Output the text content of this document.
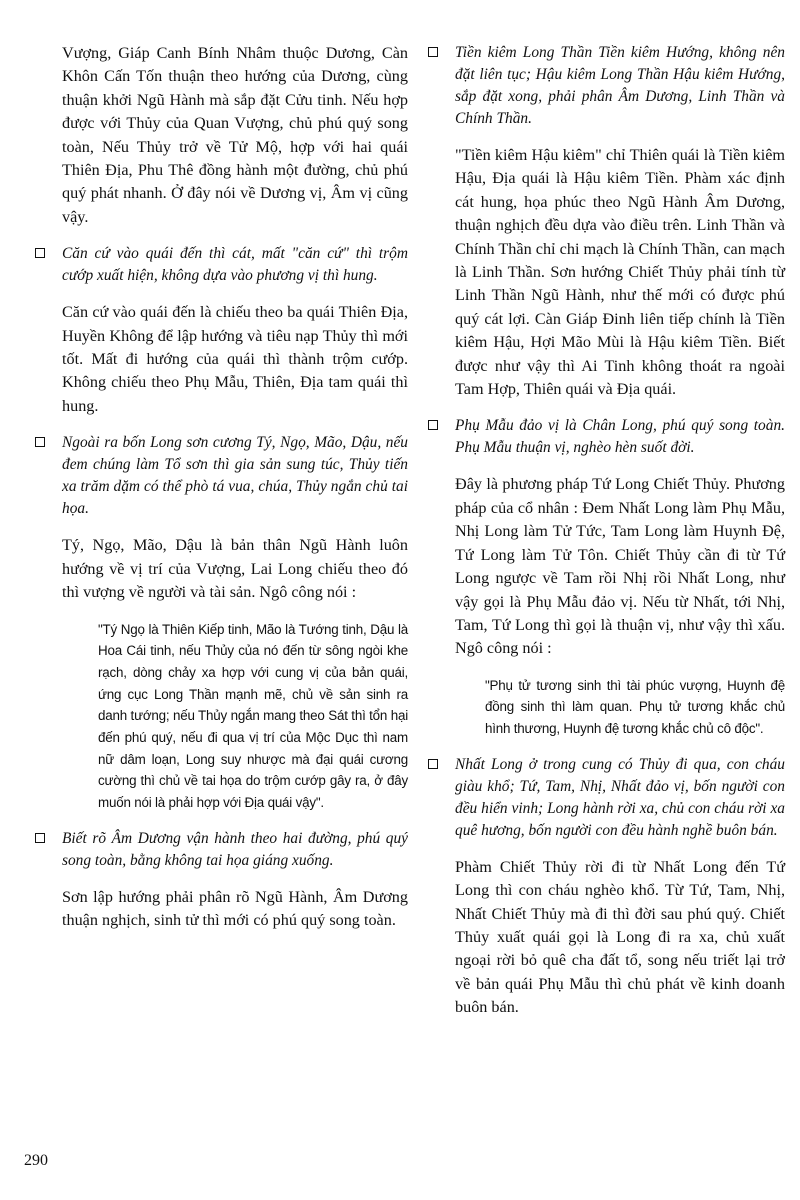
Vượng, Giáp Canh Bính Nhâm thuộc Dương, Càn Khôn Cấn Tốn thuận theo hướng của Dương, cùng thuận khởi Ngũ Hành mà sắp đặt Cửu tinh. Nếu hợp được với Thủy của Quan Vượng, chủ phú quý song toàn, Nếu Thủy trở về Tử Mộ, hợp với hai quái Thiên Địa, Phu Thê đồng hành một đường, chủ phú quý phát nhanh. Ở đây nói về Dương vị, Âm vị cũng vậy.

Căn cứ vào quái đến thì cát, mất "căn cứ" thì trộm cướp xuất hiện, không dựa vào phương vị thì hung.

Căn cứ vào quái đến là chiếu theo ba quái Thiên Địa, Huyền Không để lập hướng và tiêu nạp Thủy thì mới tốt. Mất đi hướng của quái thì thành trộm cướp. Không chiếu theo Phụ Mẫu, Thiên, Địa tam quái thì hung.

Ngoài ra bốn Long sơn cương Tý, Ngọ, Mão, Dậu, nếu đem chúng làm Tổ sơn thì gia sản sung túc, Thủy tiến xa trăm dặm có thể phò tá vua, chúa, Thủy ngắn chủ tai họa.

Tý, Ngọ, Mão, Dậu là bản thân Ngũ Hành luôn hướng về vị trí của Vượng, Lai Long chiếu theo đó thì vượng về người và tài sản. Ngô công nói :

"Tý Ngọ là Thiên Kiếp tinh, Mão là Tướng tinh, Dậu là Hoa Cái tinh, nếu Thủy của nó đến từ sông ngòi khe rạch, dòng chảy xa hợp với cung vị của bản quái, ứng cục Long Thần mạnh mẽ, chủ về sản sinh ra danh tướng; nếu Thủy ngắn mang theo Sát thì tổn hại đến phú quý, nếu đi qua vị trí của Mộc Dục thì nam nữ dâm loạn, Long suy nhược mà đại quái cương cường thì chủ về tai họa do trộm cướp gây ra, ở đây muốn nói là phải hợp với Địa quái vậy".

Biết rõ Âm Dương vận hành theo hai đường, phú quý song toàn, bằng không tai họa giáng xuống.

Sơn lập hướng phải phân rõ Ngũ Hành, Âm Dương thuận nghịch, sinh tử thì mới có phú quý song toàn.

Tiền kiêm Long Thần Tiền kiêm Hướng, không nên đặt liên tục; Hậu kiêm Long Thần Hậu kiêm Hướng, sắp đặt xong, phải phân Âm Dương, Linh Thần và Chính Thần.

"Tiền kiêm Hậu kiêm" chỉ Thiên quái là Tiền kiêm Hậu, Địa quái là Hậu kiêm Tiền. Phàm xác định cát hung, họa phúc theo Ngũ Hành Âm Dương, thuận nghịch đều dựa vào điều trên. Linh Thần và Chính Thần chỉ chi mạch là Chính Thần, can mạch là Linh Thần. Sơn hướng Chiết Thủy phải tính từ Linh Thần Ngũ Hành, như thế mới có được phú quý cát lợi. Càn Giáp Đinh liên tiếp chính là Tiền kiêm Hậu, Hợi Mão Mùi là Hậu kiêm Tiền. Biết được như vậy thì Ai Tinh không thoát ra ngoài Tam Hợp, Thiên quái và Địa quái.

Phụ Mẫu đảo vị là Chân Long, phú quý song toàn. Phụ Mẫu thuận vị, nghèo hèn suốt đời.

Đây là phương pháp Tứ Long Chiết Thủy. Phương pháp của cổ nhân : Đem Nhất Long làm Phụ Mẫu, Nhị Long làm Tử Tức, Tam Long làm Huynh Đệ, Tứ Long làm Tử Tôn. Chiết Thủy cần đi từ Tứ Long ngược về Tam rồi Nhị rồi Nhất Long, như vậy gọi là Phụ Mẫu đảo vị. Nếu từ Nhất, tới Nhị, Tam, Tứ Long thì gọi là thuận vị, như vậy thì xấu. Ngô công nói :

"Phụ tử tương sinh thì tài phúc vượng, Huynh đệ đồng sinh thì làm quan. Phụ tử tương khắc chủ hình thương, Huynh đệ tương khắc chủ cô độc".

Nhất Long ở trong cung có Thủy đi qua, con cháu giàu khổ; Tứ, Tam, Nhị, Nhất đảo vị, bốn người con đều hiển vinh; Long hành rời xa, chủ con cháu rời xa quê hương, bốn người con đều hành nghề buôn bán.

Phàm Chiết Thủy rời đi từ Nhất Long đến Tứ Long thì con cháu nghèo khổ. Từ Tứ, Tam, Nhị, Nhất Chiết Thủy mà đi thì đời sau phú quý. Chiết Thủy xuất quái gọi là Long đi ra xa, chủ xuất ngoại rời bỏ quê cha đất tổ, song nếu triết lại trở về bản quái Phụ Mẫu thì chủ phát về kinh doanh buôn bán.

290
